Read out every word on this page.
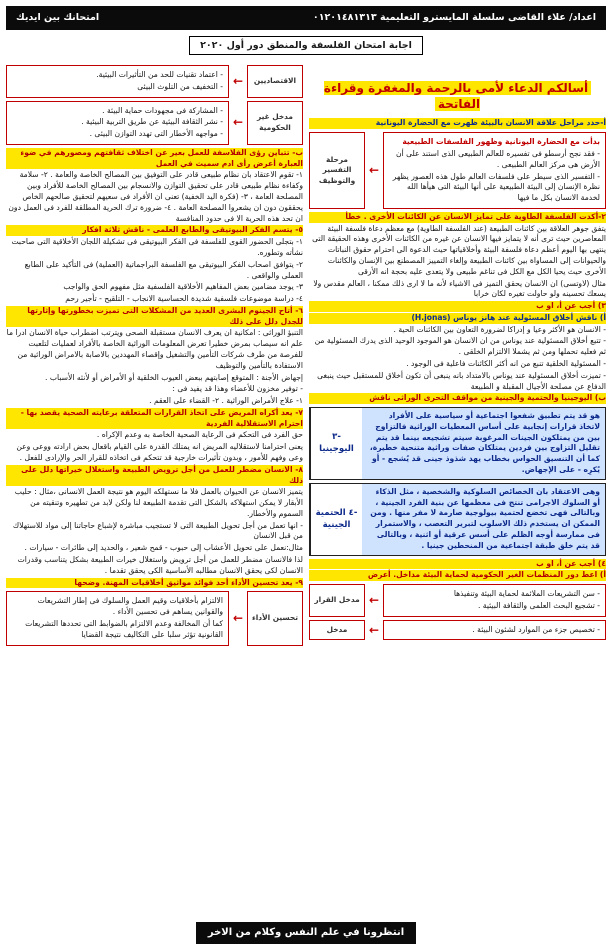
اعداد/ علاء القاضى سلسلة المايسترو التعليمية ٠١٢٠١٤٨١٣١٣
امتحانك بين ايديك
اجابة امتحان الفلسفة والمنطق دور أول ٢٠٢٠
أسالكم الدعاء لأمى بالرحمة والمغفرة وقراءة الفاتحة
أ-حدد مراحل علاقة الانسان بالبيئة ظهرت مع الحضارة اليونانية
بدأت مع الحضارة اليونانية وظهور الفلسفات الطبيعية
- فقد نجح أرسطو فى تفسيره للعالم الطبيعى الذى استند على أن الأرض هى مركز العالم الطبيعى .
- التفسير الذى سيطر على فلسفات العالم طول هذه العصور يظهر نظرة الإنسان إلى البيئة الطبيعية على أنها البيئة التى هيأها الله لخدمة الانسان بكل ما فيها
←
مرحلة التفسير والتوظيف
٢-أكدت الفلسفة الطاوية على تمايز الانسان عن الكائنات الأخرى . خطأ
يتفق جوهر العلاقة بين كائنات الطبيعة (عند الفلسفة الطاوية) مع معظم دعاة فلسفة البيئة المعاصرين حيث ترى أنه لا يتمايز فيها الانسان عن غيره من الكائنات الأخرى وهذه الحقيقة التى ينتهى بها اليوم أعظم دعاة فلسفة البيئة وأخلاقياتها حيث الدعوة الى احترام حقوق النباتات والحيوانات إلى المساواة بين كائنات الطبيعة وإلغاء التمييز المصطنع بين الإنسان والكائنات الأخرى حيث يحيا الكل مع الكل فى تناغم طبيعى ولا يتعدى عليه بحجة انه الأرقى
مثال (لاوتسى) ان الانسان يحقق التميز فى الاشياء لأنه ما لا ارى ذلك ممكنا ، العالم مقدس ولا يسعك تحسينه ولو حاولت تغيره لكان خرابا
٣) أجب عن أ، او ب
أ) ناقش أخلاق المسئولية عند هانز يوناس (H.jonas)
- الانسان هو الأكثر وعيا و إدراكا لضرورة التعاون بين الكائنات الحية .
- تتبع أخلاق المسئولية عند يوناس من ان الانسان هو الموجود الوحيد الذى يدرك المسئولية من ثم فعليه تحملها ومن ثم يشملا الالتزام الخلقى .
- المسئولية الخلقية تنبع من انه أكثر الكائنات فاعلية فى الوجود .
- تميزت أخلاق المسئولية عند يوناس بالامتداد بانه ينبغى أن تكون أخلاق للمستقبل حيث ينبغى الدفاع عن مصلحة الأجيال المقبلة و الطبيعة
ب) اليوجينيا والحتمية والجينية من مواقف التحرى الوراثى ناقش
هو قد يتم تطبيق شفعوا اجتماعية أو سياسية على الأفراد لاتخاذ قرارات إنجابية على أساس المعطيات الوراثية فالتزاوج بين من يمتلكون الجينات المرغوبة سيتم تشجيعه بينما قد يتم تقليل التزاوج بين فردين يمتلكان صفات وراثية متنحية خطيرة، كما أن التنسيق الحواس بخطاب يهد شذوذ جينى قد يُشجع - أو يُكرِه - على الإجهاض.
-٣ اليوجينيا
وهى الاعتقاد بان الخصائص السلوكية والشخصية ، مثل الذكاء أو السلوك الاجرامى تنتج فى معظمها عن بنية الفرد الجينية ، وبالتالى فهى تخضع لحتمية بيولوجية صارمة لا مفر منها . ومن الممكن ان يستخدم ذلك الاسلوب لتبرير التعصب ، والاستمرار فى ممارسة أوجه الظلم على أسس عرقية أو اثنية ، وبالتالى قد يتم خلق طبقة اجتماعية من المنحطين جينيا .
-٤ الحتمية الجينية
٤) أجب عن أ، او ب
أ) اعط دور المنظمات الغير الحكومية لحماية البيئة مداخل. أعرض
- سن التشريعات الملائمة لحماية البيئة وتنفيذها
- تشجيع البحث العلمى والثقافة البيئية .
←
مدخل القرار
- تخصيص جزء من الموارد لشئون البيئة .
←
مدخل
الاقتصاديين
←
- اعتماد تقنيات للحد من التأثيرات البيئية.
- التخفيف من التلوث البيئى
مدخل غير الحكومية
←
- المشاركة فى مجهودات حماية البيئة .
- نشر الثقافة البيئية عن طريق التربية البيئية .
- مواجهه الأخطار التى تهدد التوازن البيئى .
ب- تتباين رؤى الفلاسفة للعمل بعير عن اختلاف ثقافتهم ومصورهم في ضوء العبارة أعرض رأى ادم سميث في العمل
١- تقوم الاعتقاد بان نظام طبيعى قادر على التوفيق بين المصالح الخاصة والعامة . ٢- سلامة وكفاءة نظام طبيعى قادر على تحقيق التوازن والانسجام بين المصالح الخاصة للأفراد وبين المصلحة العامة ، ٣- (فكرة اليد الخفية) تعنى ان الأفراد فى سعيهم لتحقيق صالحهم الخاص يحققون دون ان يشعروا المصلحة العامة . ٤- ضرورة ترك الحرية المطلقة للفرد فى العمل دون ان تحد هذه الحرية الا فى حدود المنافسة
٥- يتسم الفكر البيوتيقى والطابع العلمى - ناقش ثلاثة افكار
١- بتجلى الحضور القوى للفلسفة فى الفكر البيوتيقى فى تشكيلة اللجان الأخلاقية التى صاحبت نشأته وتطوره.
٢- يتوافق اصحاب الفكر البيوتيقى مع الفلسفة البراجماتية (العملية) فى التأكيد على الطابع العملى والواقعى .
٣- يوجد مضامين بعض المفاهيم الأخلاقية الفلسفية مثل مفهوم الحق والواجب
٤- دراسة موضوعات فلسفية شديدة الحساسية الانجاب - التلقيح - تأجير رحم
٦- أتاح الجينوم البشرى العديد من المشكلات التى تميزت بخطورتها وإثارتها للجدل دلل على ذلك
التنبؤ الوراثى : امكانية ان يعرف الانسان مستقبلة الصحى ويترتب اضطراب حياة الانسان ادرا ما علم انه سيصاب بمرض خطيرا تعرض المعلومات الوراثية الخاصة بالأفراد لعمليات لتلعبت للفرصة من طرف شركات التأمين والتشغيل وإقصاء المهددين بالاصابة بالامراض الوراثية من الاستفادة بالتأمين والتوظيف
إجهاض الأجنة : المتوقع إصابتهم ببعض العيوب الخلقية أو الأمراض أو لأنثه الأسباب .
- توفير مخزون للأعضاء وهذا قد يفيد فى :
١- علاج الأمراض الوراثية . ٢- القضاء على العقم .
٧- يعد أكراه المريض على اتخاذ القرارات المتعلقة برعايته الصحية يقصد بها - احترام الاستقلالية الفردية
حق الفرد فى التحكم فى الرعاية الصحية الخاصة به وعدم الإكراه .
يعنى احترامنا لاستقلاليه المريض انه يمتلك القدرة على القيام باقعال بحض ارادته ووعى وعن وعى وفهم للأمور ، وبدون تأثيرات خارجية قد تتحكم فى اتخاذه للقرار الحر والإرادى للفعل .
٨- الانسان مضطر للعمل من أجل ترويض الطبيعة واستغلال خيراتها دلل على ذلك
يتميز الانسان عن الحيوان بالعمل فلا ما نستهلكه اليوم هو نتيجة العمل الانسانى ،مثال : حليب الأبقار لا يمكن استهلاكه بالشكل التى تقدمة الطبيعة لنا ولكن لابد من تطهيره وتنقيته من السموم والأخطار.
- انها تعمل من أجل تحويل الطبيعة التى لا تستجيب مباشرة لإشباع حاجاتنا إلى مواد للاستهلاك من قبل الانسان
مثال:نعمل على تحويل الأعشاب إلى حبوب - قمح شعير ، والحديد إلى طائرات - سيارات .
لذا فالانسان مضطر للعمل من أجل ترويض واستغلال خيرات الطبيعة بشكل يتناسب وقدرات الانسان لكى يحقق الانسان مطالبه الأساسية الكى يحقق تقدما .
٩- يعد تحسين الأداء أحد فوائد مواثيق أخلاقيات المهنة. وضحها
تحسين الأداء
←
الالتزام بأخلاقيات وقيم العمل والسلوك فى إطار التشريعات والقوانين يساهم فى تحسين الأداء .
كما أن المخالفة وعدم الالتزام بالضوابط التى تحددها التشريعات القانونية تؤثر سلبا على التكاليف نتيجة القضايا
انتظرونا في علم النفس وكلام من الاخر
